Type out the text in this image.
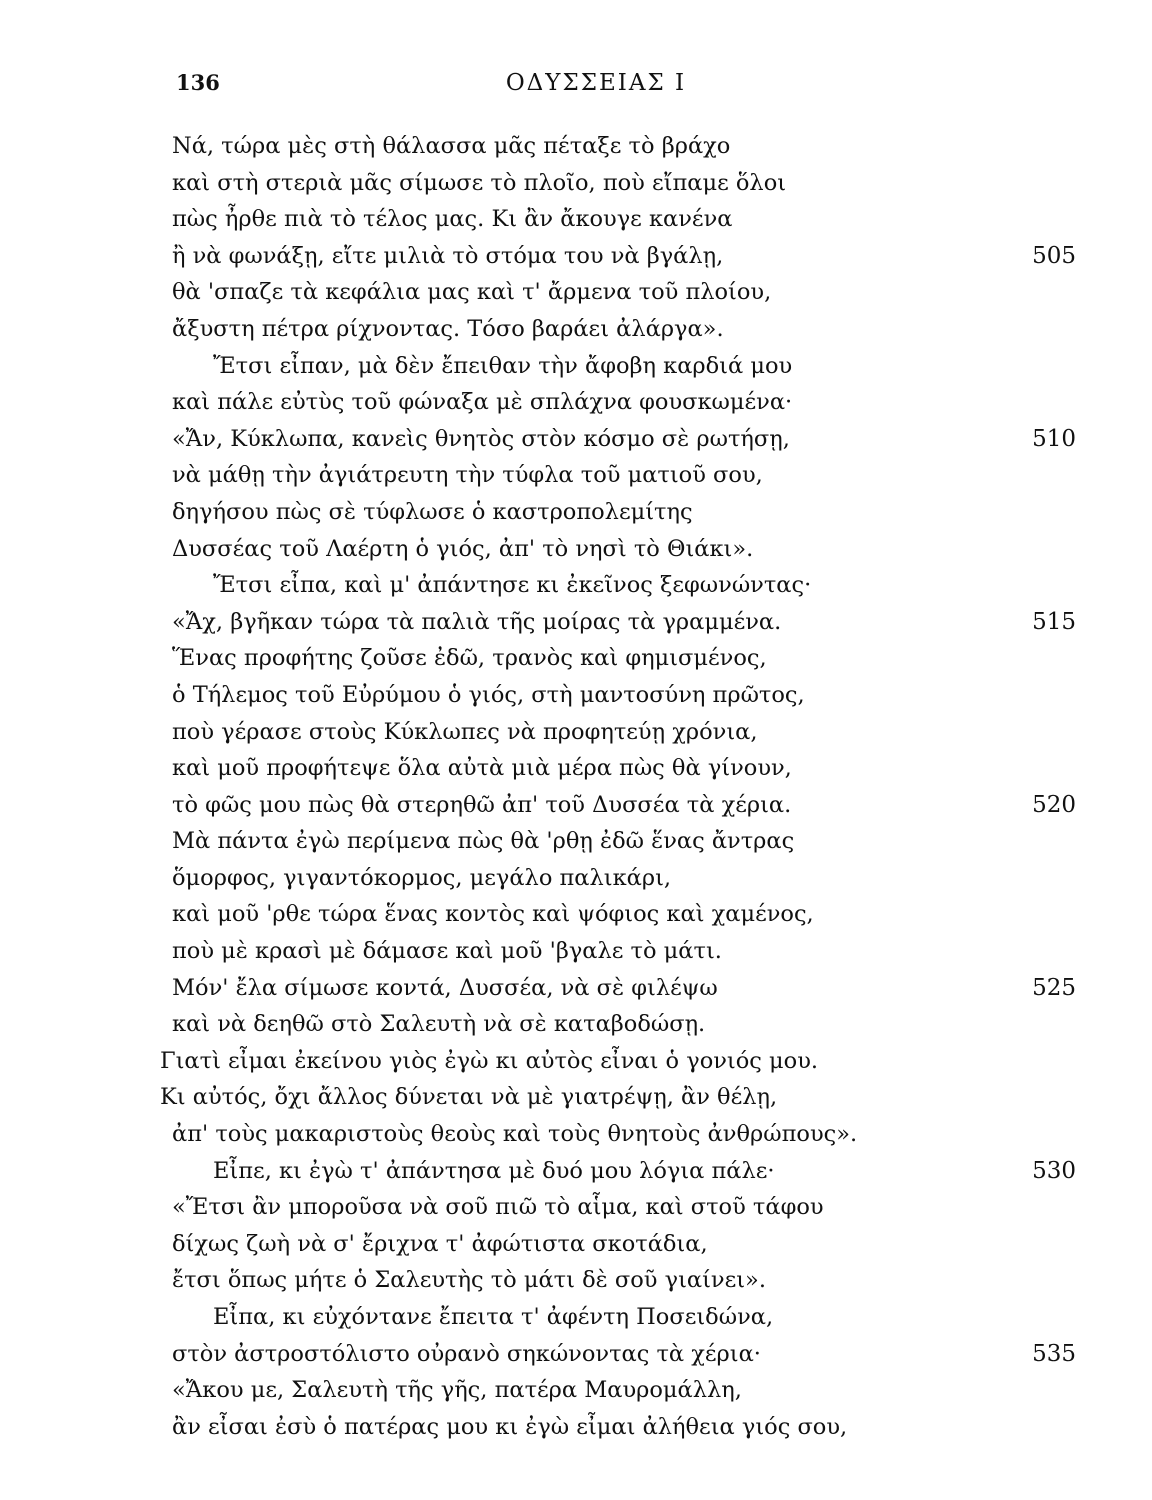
136	ΟΔΥΣΣΕΙΑΣ Ι
Νά, τώρα μὲς στὴ θάλασσα μᾶς πέταξε τὸ βράχο
καὶ στὴ στεριὰ μᾶς σίμωσε τὸ πλοῖο, ποὺ εἴπαμε ὅλοι
πὼς ἦρθε πιὰ τὸ τέλος μας. Κι ἂν ἄκουγε κανένα
ἢ νὰ φωνάξῃ, εἴτε μιλιὰ τὸ στόμα του νὰ βγάλῃ,	505
θὰ 'σπαζε τὰ κεφάλια μας καὶ τ' ἄρμενα τοῦ πλοίου,
ἄξυστη πέτρα ρίχνοντας. Τόσο βαράει ἀλάργα».
Ἔτσι εἶπαν, μὰ δὲν ἔπειθαν τὴν ἄφοβη καρδιά μου
καὶ πάλε εὐτὺς τοῦ φώναξα μὲ σπλάχνα φουσκωμένα·
«Ἄν, Κύκλωπα, κανεὶς θνητὸς στὸν κόσμο σὲ ρωτήσῃ,	510
νὰ μάθῃ τὴν ἀγιάτρευτη τὴν τύφλα τοῦ ματιοῦ σου,
δηγήσου πὼς σὲ τύφλωσε ὁ καστροπολεμίτης
Δυσσέας τοῦ Λαέρτη ὁ γιός, ἀπ' τὸ νησὶ τὸ Θιάκι».
Ἔτσι εἶπα, καὶ μ' ἀπάντησε κι ἐκεῖνος ξεφωνώντας·
«Ἄχ, βγῆκαν τώρα τὰ παλιὰ τῆς μοίρας τὰ γραμμένα.	515
Ἕνας προφήτης ζοῦσε ἐδῶ, τρανὸς καὶ φημισμένος,
ὁ Τήλεμος τοῦ Εὐρύμου ὁ γιός, στὴ μαντοσύνη πρῶτος,
ποὺ γέρασε στοὺς Κύκλωπες νὰ προφητεύῃ χρόνια,
καὶ μοῦ προφήτεψε ὅλα αὐτὰ μιὰ μέρα πὼς θὰ γίνουν,
τὸ φῶς μου πὼς θὰ στερηθῶ ἀπ' τοῦ Δυσσέα τὰ χέρια.	520
Μὰ πάντα ἐγὼ περίμενα πὼς θὰ 'ρθῃ ἐδῶ ἕνας ἄντρας
ὅμορφος, γιγαντόκορμος, μεγάλο παλικάρι,
καὶ μοῦ 'ρθε τώρα ἕνας κοντὸς καὶ ψόφιος καὶ χαμένος,
ποὺ μὲ κρασὶ μὲ δάμασε καὶ μοῦ 'βγαλε τὸ μάτι.
Μόν' ἔλα σίμωσε κοντά, Δυσσέα, νὰ σὲ φιλέψω	525
καὶ νὰ δεηθῶ στὸ Σαλευτὴ νὰ σὲ καταβοδώσῃ.
Γιατὶ εἶμαι ἐκείνου γιὸς ἐγὼ κι αὐτὸς εἶναι ὁ γονιός μου.
Κι αὐτός, ὄχι ἄλλος δύνεται νὰ μὲ γιατρέψῃ, ἂν θέλῃ,
ἀπ' τοὺς μακαριστοὺς θεοὺς καὶ τοὺς θνητοὺς ἀνθρώπους».
Εἶπε, κι ἐγὼ τ' ἀπάντησα μὲ δυό μου λόγια πάλε·	530
«Ἔτσι ἂν μποροῦσα νὰ σοῦ πιῶ τὸ αἷμα, καὶ στοῦ τάφου
δίχως ζωὴ νὰ σ' ἔριχνα τ' ἀφώτιστα σκοτάδια,
ἔτσι ὅπως μήτε ὁ Σαλευτὴς τὸ μάτι δὲ σοῦ γιαίνει».
Εἶπα, κι εὐχόντανε ἔπειτα τ' ἀφέντη Ποσειδώνα,
στὸν ἀστροστόλιστο οὐρανὸ σηκώνοντας τὰ χέρια·	535
«Ἄκου με, Σαλευτὴ τῆς γῆς, πατέρα Μαυρομάλλη,
ἂν εἶσαι ἐσὺ ὁ πατέρας μου κι ἐγὼ εἶμαι ἀλήθεια γιός σου,
